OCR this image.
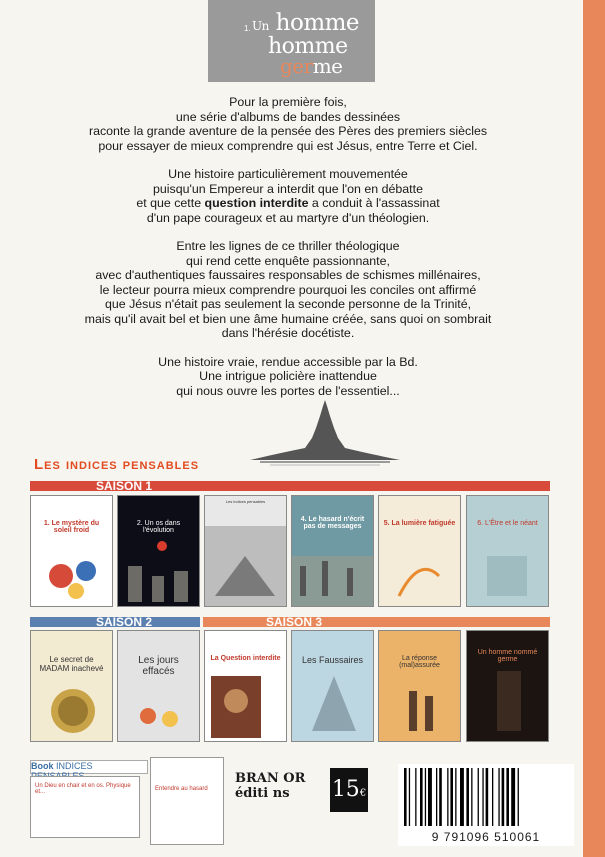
1. Un homme
homme
germe

Pour la première fois,
une série d'albums de bandes dessinées
raconte la grande aventure de la pensée des Pères des premiers siècles
pour essayer de mieux comprendre qui est Jésus, entre Terre et Ciel.

Une histoire particulièrement mouvementée
puisqu'un Empereur a interdit que l'on en débatte
et que cette question interdite a conduit à l'assassinat
d'un pape courageux et au martyre d'un théologien.

Entre les lignes de ce thriller théologique
qui rend cette enquête passionnante,
avec d'authentiques faussaires responsables de schismes millénaires,
le lecteur pourra mieux comprendre pourquoi les conciles ont affirmé
que Jésus n'était pas seulement la seconde personne de la Trinité,
mais qu'il avait bel et bien une âme humaine créée, sans quoi on sombrait
dans l'hérésie docétiste.

Une histoire vraie, rendue accessible par la Bd.
Une intrigue policière inattendue
qui nous ouvre les portes de l'essentiel...

Les indices pensables
SAISON 1
SAISON 2	SAISON 3
1. Le mystère du soleil froid
2. Un os dans l'évolution
Les indices pensables
4. Le hasard n'écrit pas de messages	5. La lumière fatiguée	6. L'Être et le néant
Le secret de MADAM inachevé
Les jours effacés
La Question interdite	Les Faussaires	La réponse (mal)assurée
Un homme nommé germe
Book INDICES
Un Dieu en chair et en os. Physique et...	Entendre au hasard
BRAN OR
éditi ns	15€
9 791096 510061
